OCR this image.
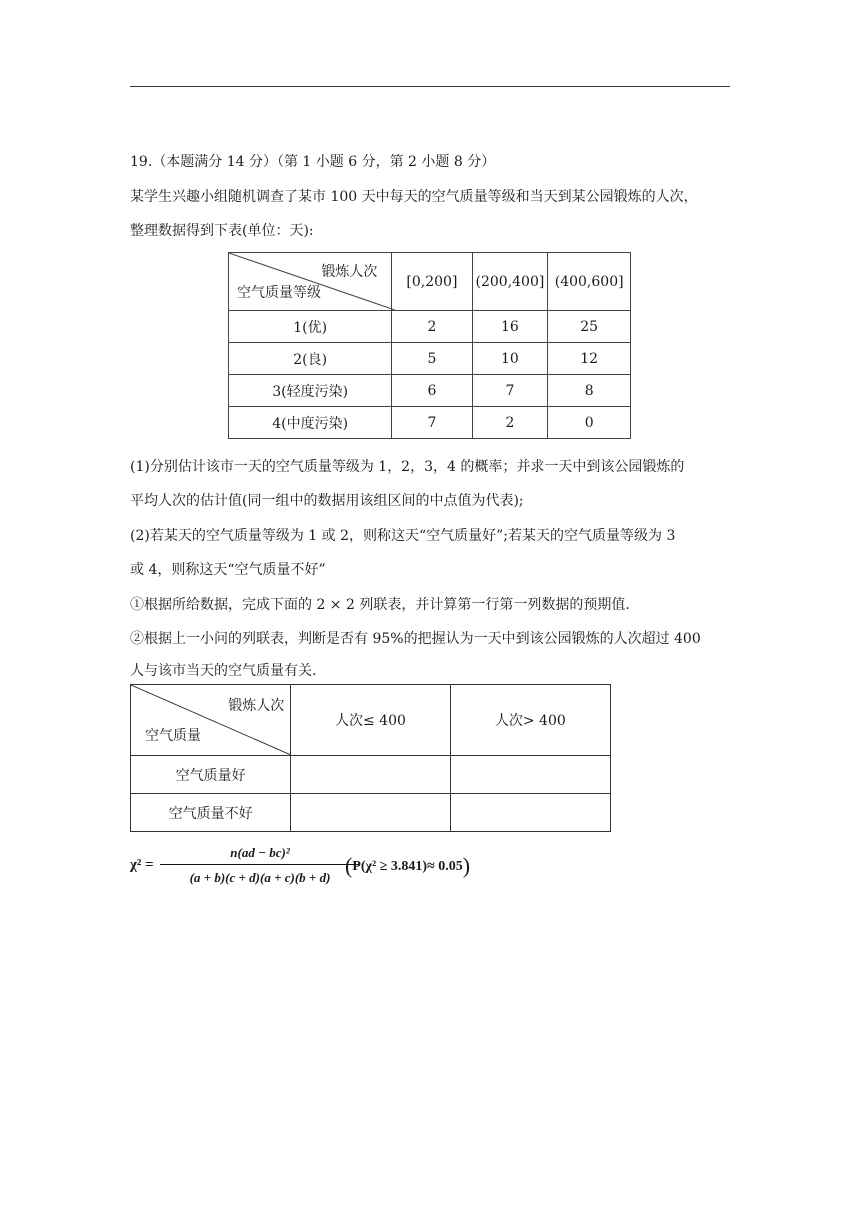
19.（本题满分 14 分）（第 1 小题 6 分，第 2 小题 8 分）
某学生兴趣小组随机调查了某市 100 天中每天的空气质量等级和当天到某公园锻炼的人次，
整理数据得到下表(单位：天):
锻炼人次
空气质量等级	[0,200]	(200,400]	(400,600]
1(优)	2	16	25
2(良)	5	10	12
3(轻度污染)	6	7	8
4(中度污染)	7	2	0
(1)分别估计该市一天的空气质量等级为 1，2，3，4 的概率；并求一天中到该公园锻炼的
平均人次的估计值(同一组中的数据用该组区间的中点值为代表);
(2)若某天的空气质量等级为 1 或 2，则称这天“空气质量好”;若某天的空气质量等级为 3
或 4，则称这天“空气质量不好”
①根据所给数据，完成下面的 2 × 2 列联表，并计算第一行第一列数据的预期值.
②根据上一小问的列联表，判断是否有 95%的把握认为一天中到该公园锻炼的人次超过 400
人与该市当天的空气质量有关.
锻炼人次
空气质量	人次≤ 400	人次> 400
空气质量好		
空气质量不好		
χ² =
n(ad − bc)²
(a + b)(c + d)(a + c)(b + d) (P(χ² ≥ 3.841)≈ 0.05)
